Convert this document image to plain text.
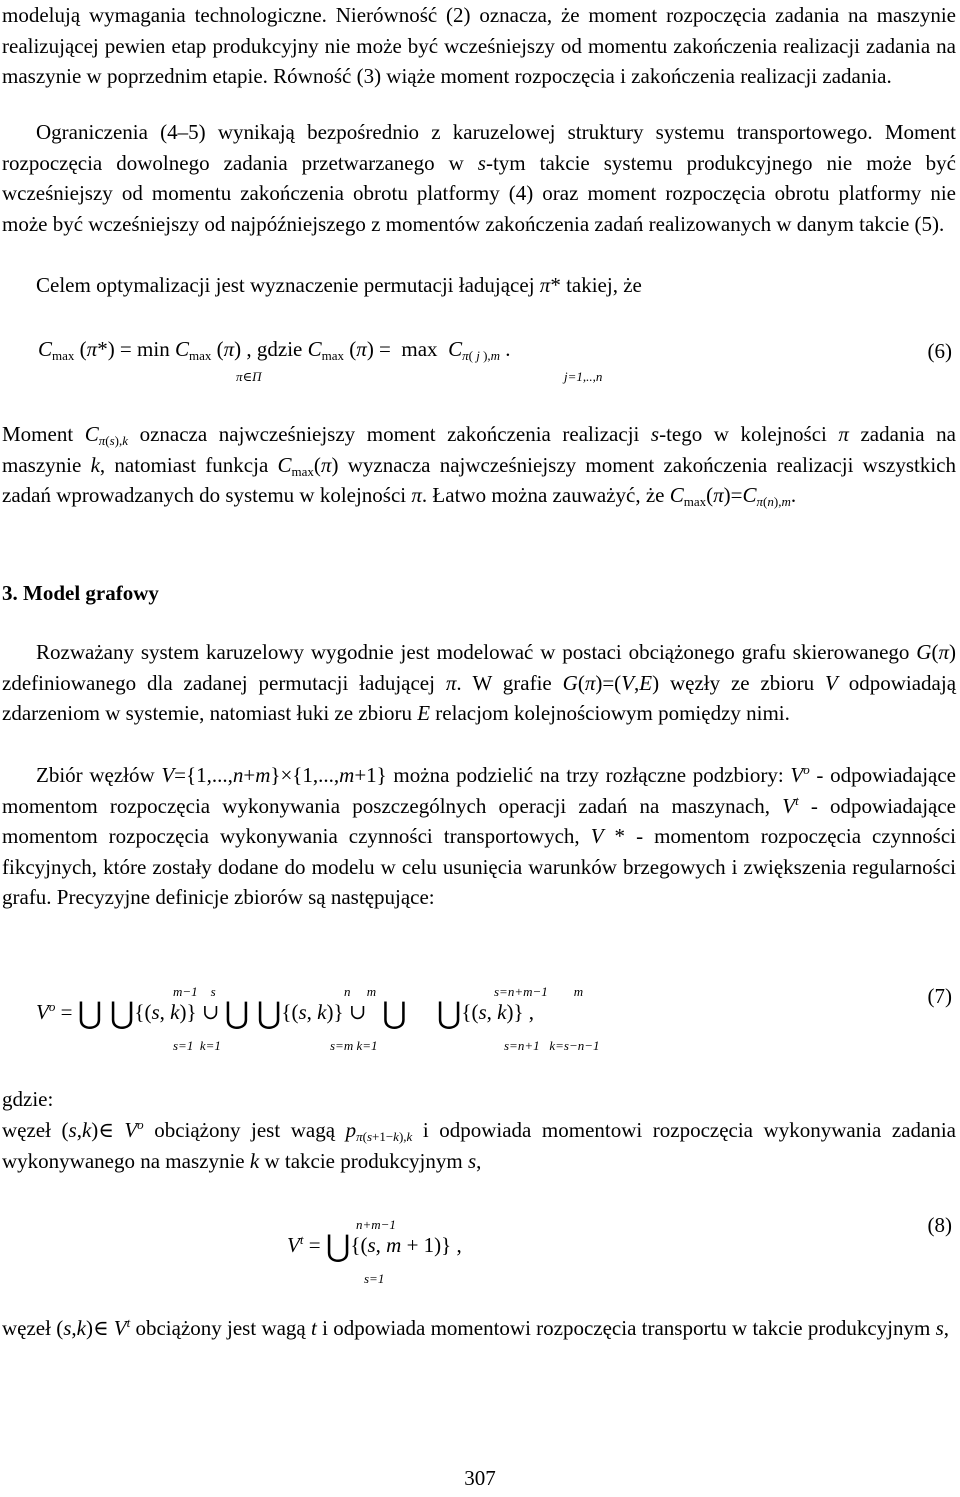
modelują wymagania technologiczne. Nierówność (2) oznacza, że moment rozpoczęcia zadania na maszynie realizującej pewien etap produkcyjny nie może być wcześniejszy od momentu zakończenia realizacji zadania na maszynie w poprzednim etapie. Równość (3) wiąże moment rozpoczęcia i zakończenia realizacji zadania.

Ograniczenia (4–5) wynikają bezpośrednio z karuzelowej struktury systemu transportowego. Moment rozpoczęcia dowolnego zadania przetwarzanego w s-tym takcie systemu produkcyjnego nie może być wcześniejszy od momentu zakończenia obrotu platformy (4) oraz moment rozpoczęcia obrotu platformy nie może być wcześniejszy od najpóźniejszego z momentów zakończenia zadań realizowanych w danym takcie (5).

Celem optymalizacji jest wyznaczenie permutacji ładującej π* takiej, że

$C_{max}$ $(\pi*) = \min C_{max}$ (π) , gdzie $C_{max}$ $(\pi) = \max C_{\pi( j ),m}$ .
π∈Π	j=1,..,n
(6)

Moment $C_{\pi(s),k}$ oznacza najwcześniejszy moment zakończenia realizacji s-tego w kolejności π zadania na maszynie k, natomiast funkcja $C_{max}(\pi)$ wyznacza najwcześniejszy moment zakończenia realizacji wszystkich zadań wprowadzanych do systemu w kolejności π. Łatwo można zauważyć, że $C_{max}(\pi)=C_{\pi(n),m}$.

3. Model grafowy

Rozważany system karuzelowy wygodnie jest modelować w postaci obciążonego grafu skierowanego G(π) zdefiniowanego dla zadanej permutacji ładującej π. W grafie G(π)=(V,E) węzły ze zbioru V odpowiadają zdarzeniom w systemie, natomiast łuki ze zbioru E relacjom kolejnościowym pomiędzy nimi.

Zbiór węzłów V={1,...,n+m}×{1,...,m+1} można podzielić na trzy rozłączne podzbiory: $V^o$ - odpowiadające momentom rozpoczęcia wykonywania poszczególnych operacji zadań na maszynach, $V^t$ - odpowiadające momentom rozpoczęcia wykonywania czynności transportowych, V * - momentom rozpoczęcia czynności fikcyjnych, które zostały dodane do modelu w celu usunięcia warunków brzegowych i zwiększenia regularności grafu. Precyzyjne definicje zbiorów są następujące:

m−1    s	n     m	s=n+m−1        m
$V^o$ = ⋃ ⋃{(s, k)} ∪ ⋃ ⋃{(s, k)} ∪   ⋃    ⋃{(s, k)} ,
s=1  k=1	s=m k=1	s=n+1   k=s−n−1
(7)

gdzie:

węzeł (s,k)∈ $V^o$ obciążony jest wagą $p_{\pi(s+1-k),k}$ i odpowiada momentowi rozpoczęcia wykonywania zadania wykonywanego na maszynie k w takcie produkcyjnym s,

n+m−1
$V^t$ = ⋃{(s, m + 1)} ,
s=1
(8)

węzeł (s,k)∈ $V^t$ obciążony jest wagą t i odpowiada momentowi rozpoczęcia transportu w takcie produkcyjnym s,

307
